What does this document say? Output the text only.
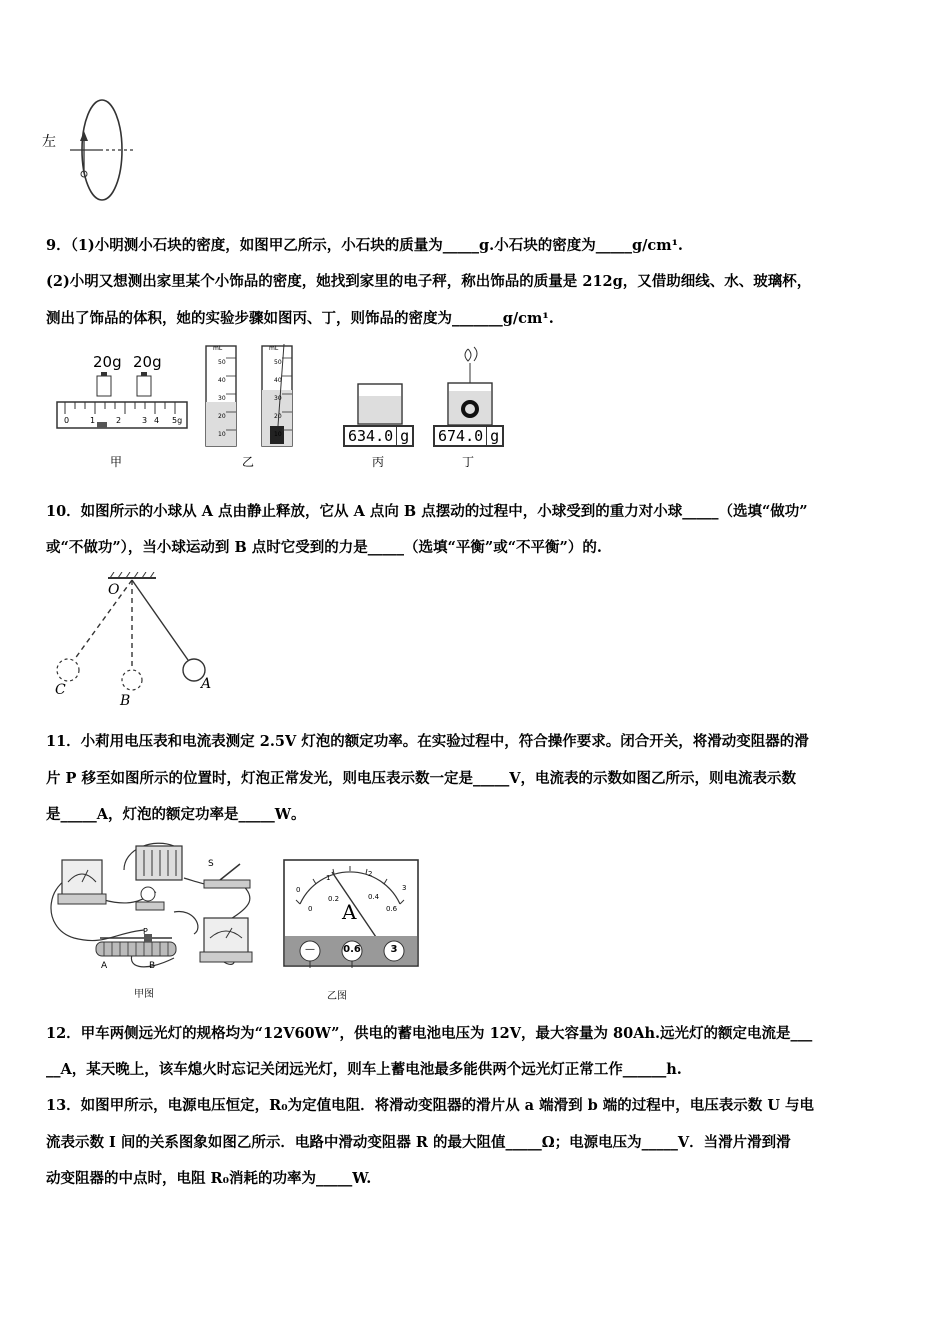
左
9．（1)小明测小石块的密度，如图甲乙所示，小石块的质量为_____g.小石块的密度为_____g/cm¹.
(2)小明又想测出家里某个小饰品的密度，她找到家里的电子秤，称出饰品的质量是 212g，又借助细线、水、玻璃杯，
测出了饰品的体积，她的实验步骤如图丙、丁，则饰品的密度为_______g/cm¹.
20g 20g
0	1	2	3 4 5g
甲
mL	mL
50
40
30
20
10
50
40
30
20
10
乙
634.0 g
丙
674.0 g
丁
10．如图所示的小球从 A 点由静止释放，它从 A 点向 B 点摆动的过程中，小球受到的重力对小球_____（选填“做功”
或“不做功”），当小球运动到 B 点时它受到的力是_____（选填“平衡”或“不平衡”）的.
O
A
B
C
11．小莉用电压表和电流表测定 2.5V 灯泡的额定功率。在实验过程中，符合操作要求。闭合开关，将滑动变阻器的滑
片 P 移至如图所示的位置时，灯泡正常发光，则电压表示数一定是_____V，电流表的示数如图乙所示，则电流表示数
是_____A，灯泡的额定功率是_____W。
S
P
A	B
甲图
0
1	2
3
0
0.2	0.4
0.6
A
—	0.6	3
乙图
12．甲车两侧远光灯的规格均为“12V60W”，供电的蓄电池电压为 12V，最大容量为 80Ah.远光灯的额定电流是___
__A，某天晚上，该车熄火时忘记关闭远光灯，则车上蓄电池最多能供两个远光灯正常工作______h.
13．如图甲所示，电源电压恒定，R₀为定值电阻．将滑动变阻器的滑片从 a 端滑到 b 端的过程中，电压表示数 U 与电
流表示数 I 间的关系图象如图乙所示．电路中滑动变阻器 R 的最大阻值_____Ω；电源电压为_____V．当滑片滑到滑
动变阻器的中点时，电阻 R₀消耗的功率为_____W.
